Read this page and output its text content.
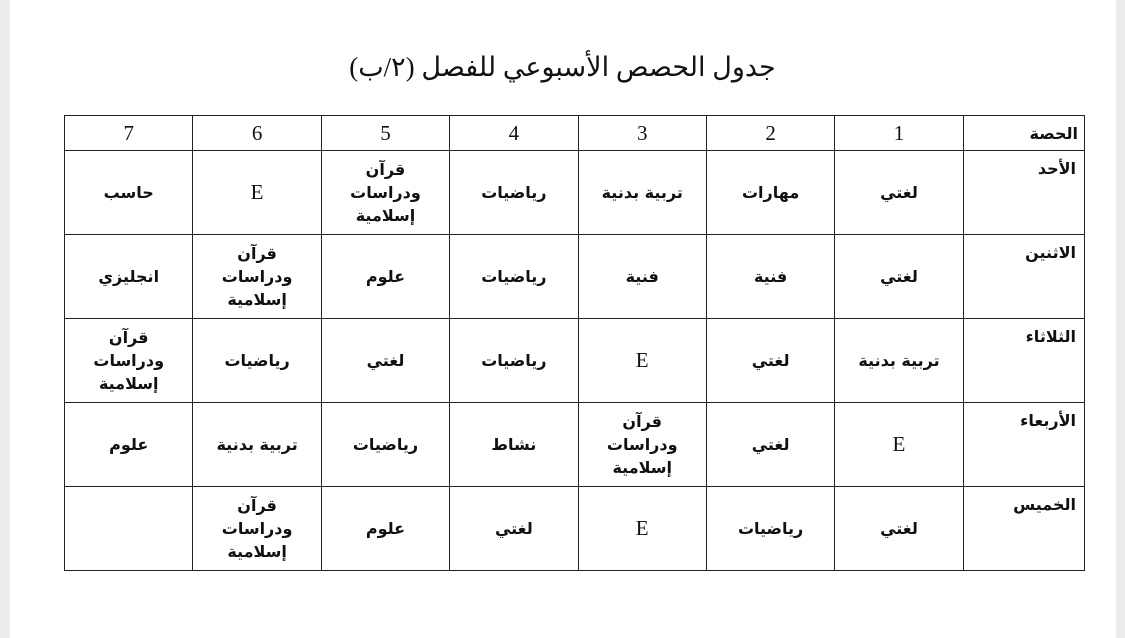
جدول الحصص الأسبوعي للفصل (٢/ب)
الحصة	1	2	3	4	5	6	7
الأحد	لغتي	مهارات	تربية بدنية	رياضيات	قرآن
ودراسات
إسلامية	E	حاسب
الاثنين	لغتي	فنية	فنية	رياضيات	علوم	قرآن
ودراسات
إسلامية	انجليزي
الثلاثاء	تربية بدنية	لغتي	E	رياضيات	لغتي	رياضيات	قرآن
ودراسات
إسلامية
الأربعاء	E	لغتي	قرآن
ودراسات
إسلامية	نشاط	رياضيات	تربية بدنية	علوم
الخميس	لغتي	رياضيات	E	لغتي	علوم	قرآن
ودراسات
إسلامية	
